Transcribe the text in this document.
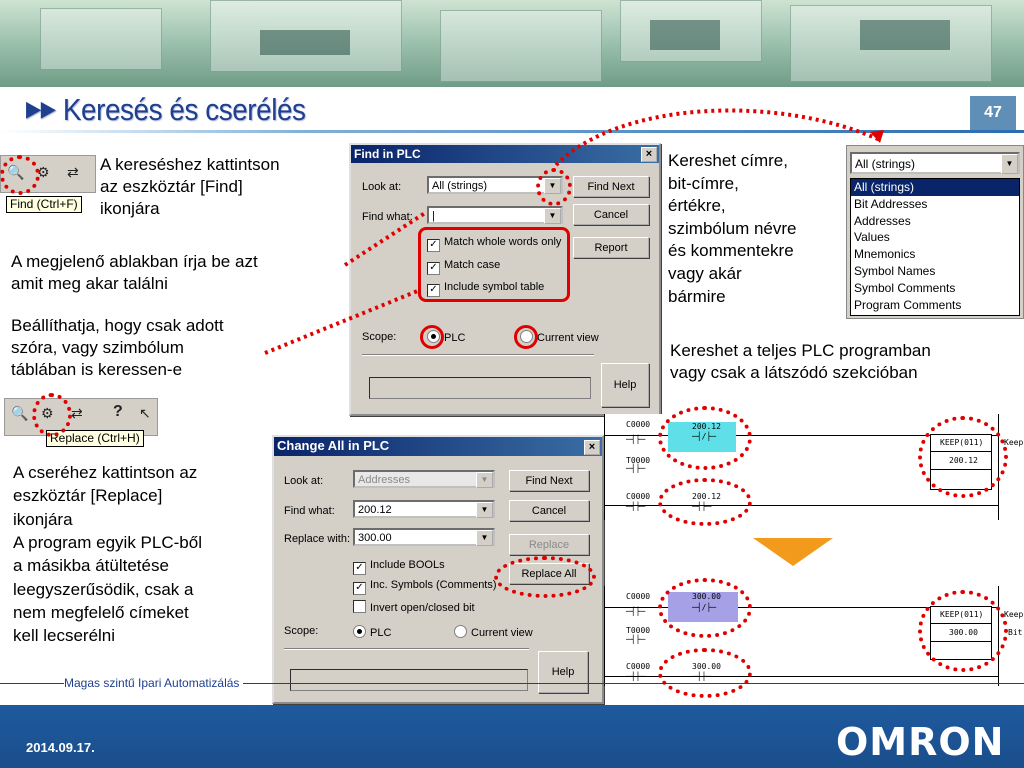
▶▶ Keresés és cserélés	47
🔍 ⚙ ⇄
Find (Ctrl+F)
A kereséshez kattintson
az eszköztár [Find]
ikonjára
A megjelenő ablakban írja be azt
amit meg akar találni
Beállíthatja, hogy csak adott
szóra, vagy szimbólum
táblában is keressen-e
Find in PLC	×
Look at:	All (strings)	▼
Find what:	|	▼
Find Next
Cancel
Report
✓ Match whole words only
✓ Match case
✓ Include symbol table
Scope:	PLC	Current view
Help
Kereshet címre,
bit-címre,
értékre,
szimbólum névre
és kommentekre
vagy akár
bármire
All (strings)	▼
All (strings)
Bit Addresses
Addresses
Values
Mnemonics
Symbol Names
Symbol Comments
Program Comments
Kereshet a teljes PLC programban
vagy csak a látszódó szekcióban
🔍 ⚙ ⇄ ? ↖
Replace (Ctrl+H)
A cseréhez kattintson az
eszköztár [Replace]
ikonjára
A program egyik PLC-ből
a másikba átültetése
leegyszerűsödik, csak a
nem megfelelő címeket
kell lecserélni
Change All in PLC	×
Look at:	Addresses	▼
Find what:	200.12	▼
Replace with: 300.00	▼
Find Next
Cancel
Replace
Replace All
✓ Include BOOLs
✓ Inc. Symbols (Comments)
Invert open/closed bit
Scope:	PLC	Current view
Help
C0000
─┤├─
200.12
─┤/├─
T0000
─┤├─
C0000
─┤├─
200.12
─┤├─
KEEP(011)
200.12
Keep
C0000
─┤├─
300.00
─┤/├─
T0000
─┤├─
C0000
─┤├─
300.00
─┤├─
KEEP(011)
300.00
Keep
Bit
Magas szintű Ipari Automatizálás
2014.09.17.	OMRON
